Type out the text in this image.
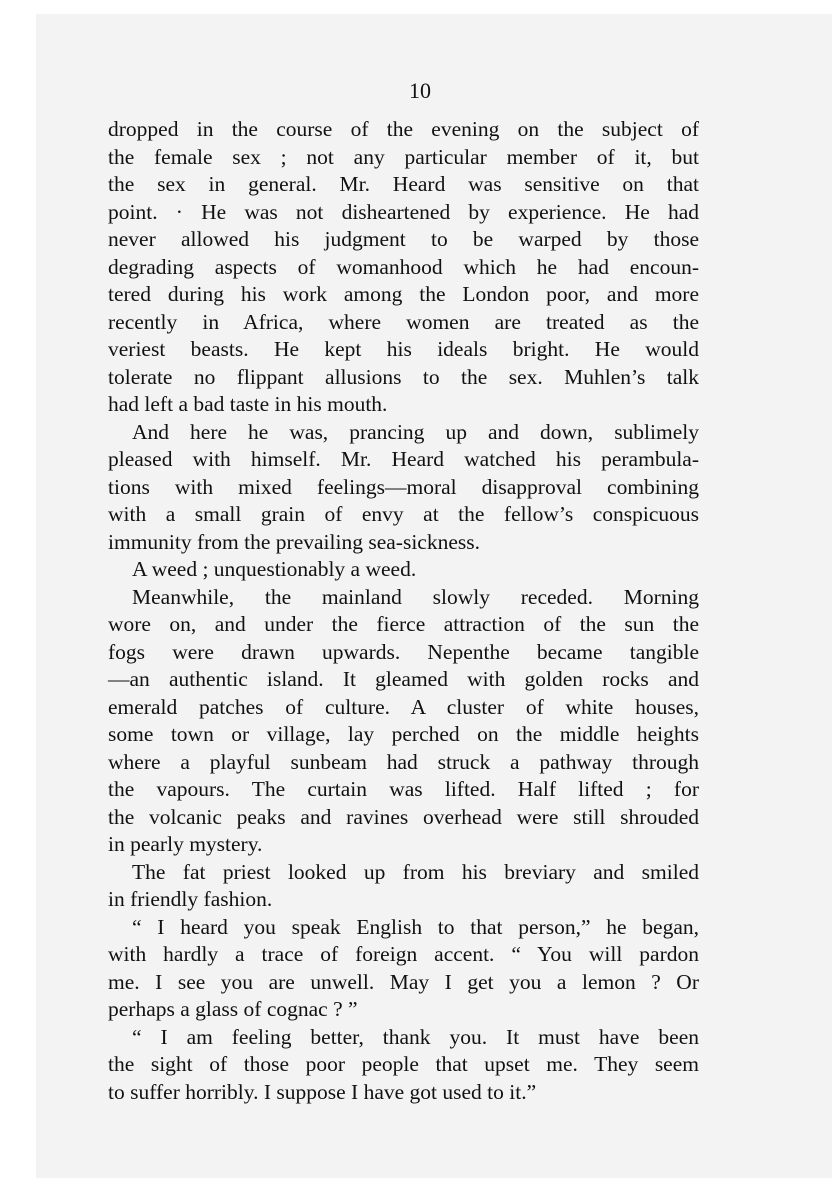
10
dropped in the course of the evening on the subject of
the female sex ; not any particular member of it, but
the sex in general. Mr. Heard was sensitive on that
point. · He was not disheartened by experience. He had
never allowed his judgment to be warped by those
degrading aspects of womanhood which he had encoun-
tered during his work among the London poor, and more
recently in Africa, where women are treated as the
veriest beasts. He kept his ideals bright. He would
tolerate no flippant allusions to the sex. Muhlen’s talk
had left a bad taste in his mouth.
And here he was, prancing up and down, sublimely
pleased with himself. Mr. Heard watched his perambula-
tions with mixed feelings—moral disapproval combining
with a small grain of envy at the fellow’s conspicuous
immunity from the prevailing sea-sickness.
A weed ; unquestionably a weed.
Meanwhile, the mainland slowly receded. Morning
wore on, and under the fierce attraction of the sun the
fogs were drawn upwards. Nepenthe became tangible
—an authentic island. It gleamed with golden rocks and
emerald patches of culture. A cluster of white houses,
some town or village, lay perched on the middle heights
where a playful sunbeam had struck a pathway through
the vapours. The curtain was lifted. Half lifted ; for
the volcanic peaks and ravines overhead were still shrouded
in pearly mystery.
The fat priest looked up from his breviary and smiled
in friendly fashion.
“ I heard you speak English to that person,” he began,
with hardly a trace of foreign accent. “ You will pardon
me. I see you are unwell. May I get you a lemon ? Or
perhaps a glass of cognac ? ”
“ I am feeling better, thank you. It must have been
the sight of those poor people that upset me. They seem
to suffer horribly. I suppose I have got used to it.”
